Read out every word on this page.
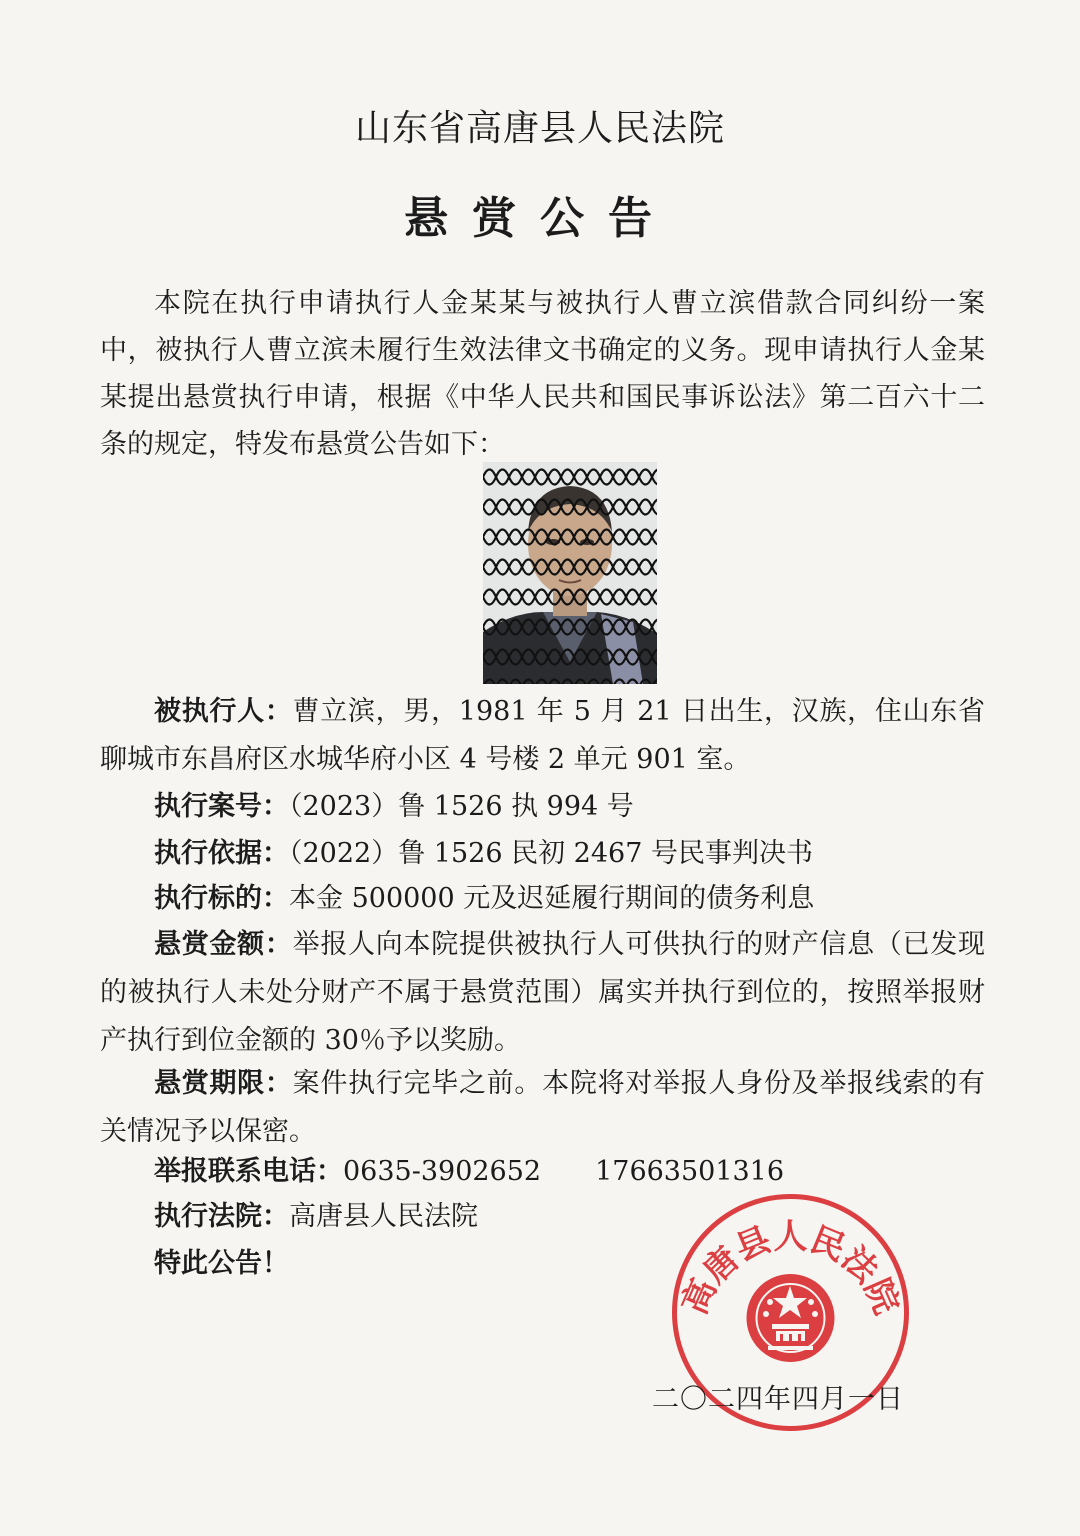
山东省高唐县人民法院
悬赏公告

本院在执行申请执行人金某某与被执行人曹立滨借款合同纠纷一案中，被执行人曹立滨未履行生效法律文书确定的义务。现申请执行人金某某提出悬赏执行申请，根据《中华人民共和国民事诉讼法》第二百六十二条的规定，特发布悬赏公告如下：

被执行人：曹立滨，男，1981 年 5 月 21 日出生，汉族，住山东省聊城市东昌府区水城华府小区 4 号楼 2 单元 901 室。

执行案号：（2023）鲁 1526 执 994 号

执行依据：（2022）鲁 1526 民初 2467 号民事判决书

执行标的：本金 500000 元及迟延履行期间的债务利息

悬赏金额：举报人向本院提供被执行人可供执行的财产信息（已发现的被执行人未处分财产不属于悬赏范围）属实并执行到位的，按照举报财产执行到位金额的 30％予以奖励。

悬赏期限：案件执行完毕之前。本院将对举报人身份及举报线索的有关情况予以保密。

举报联系电话：0635-3902652　　17663501316

执行法院：高唐县人民法院

特此公告！

高唐县人民法院
二〇二四年四月一日
